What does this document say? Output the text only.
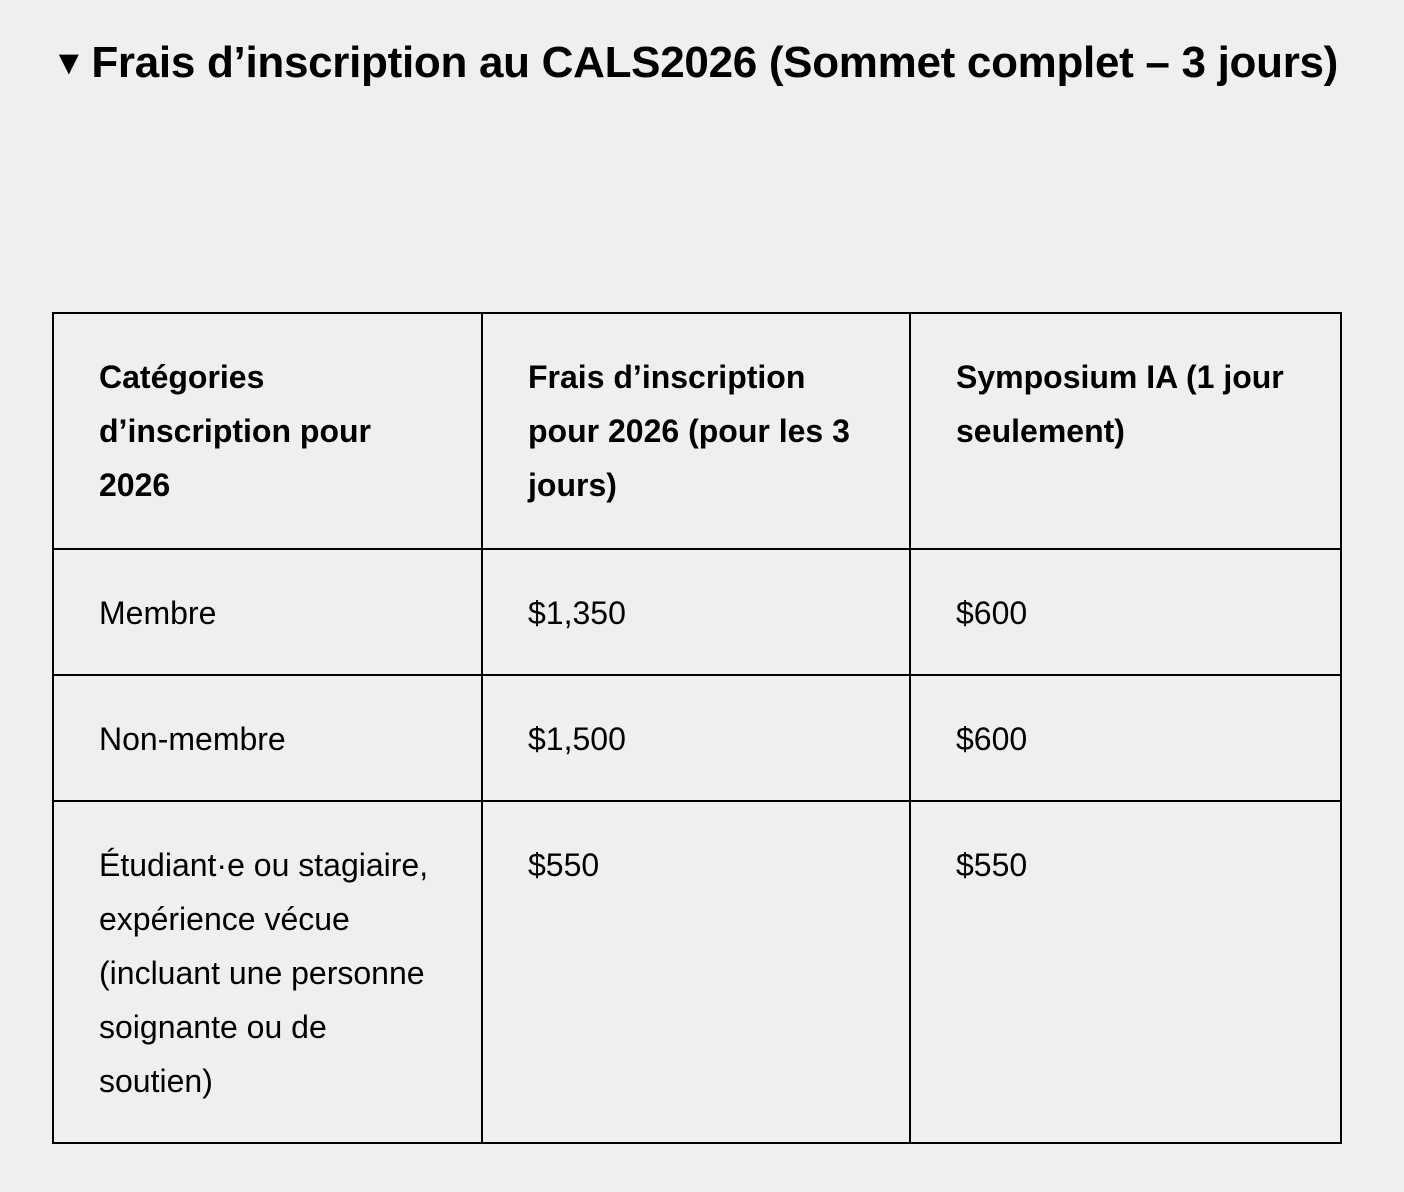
▼ Frais d’inscription au CALS2026 (Sommet complet – 3 jours)
Catégories d’inscription pour 2026	Frais d’inscription pour 2026 (pour les 3 jours)	Symposium IA (1 jour seulement)
Membre	$1,350	$600
Non-membre	$1,500	$600
Étudiant·e ou stagiaire, expérience vécue (incluant une personne soignante ou de soutien)	$550	$550
